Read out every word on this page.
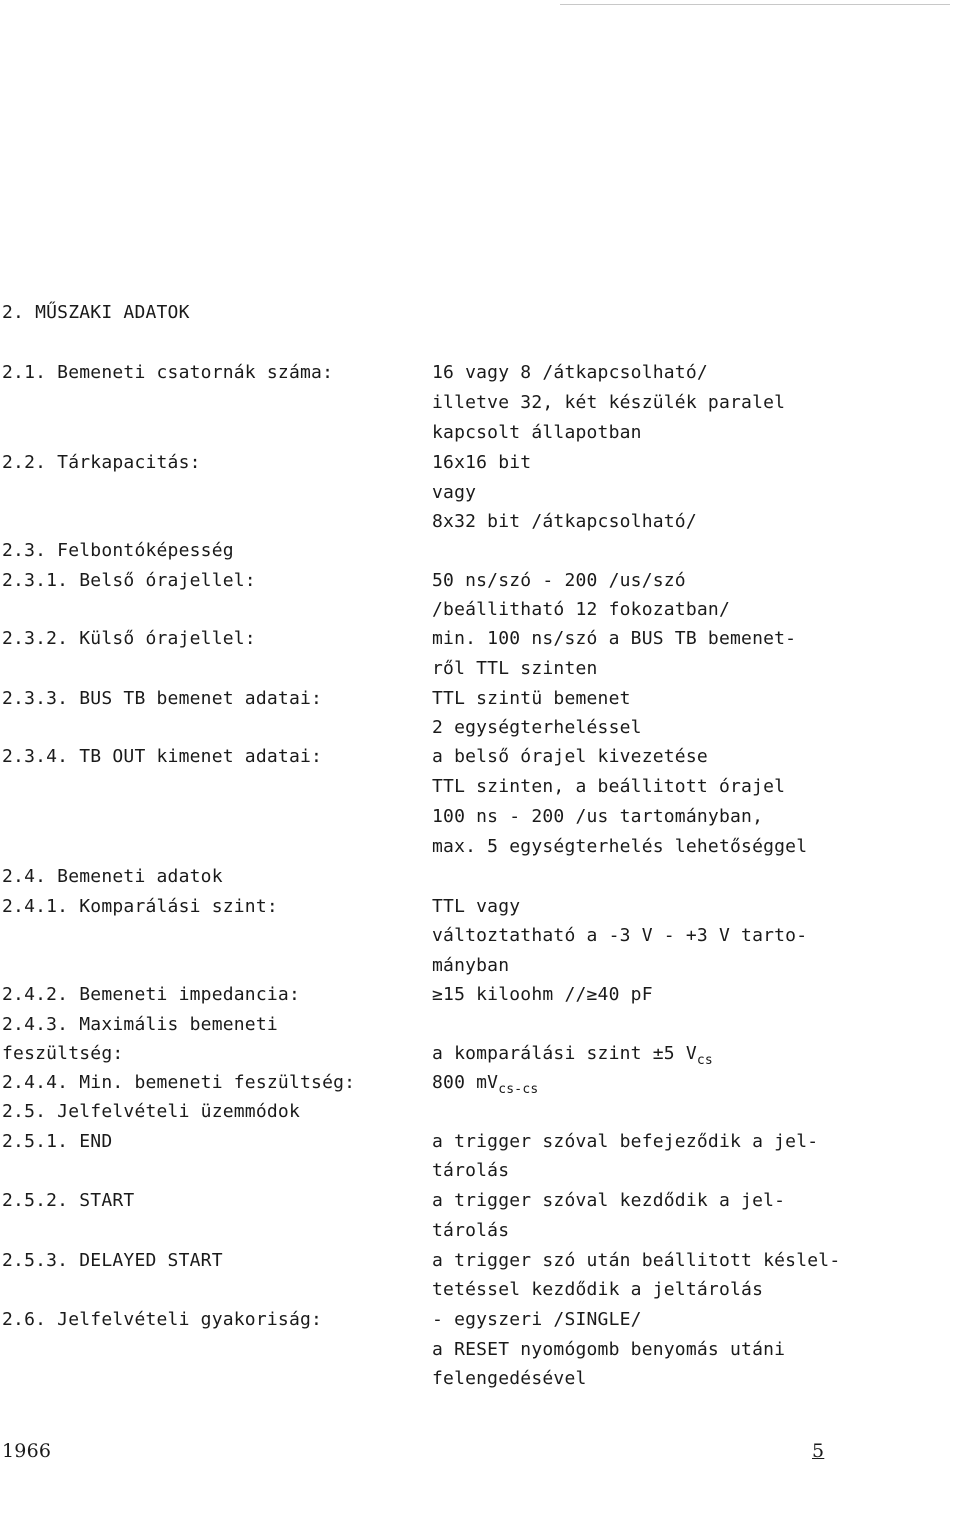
2. MŰSZAKI ADATOK
2.1. Bemeneti csatornák száma:
2.2. Tárkapacitás:
2.3. Felbontóképesség
2.3.1. Belső órajellel:
2.3.2. Külső órajellel:
2.3.3. BUS TB bemenet adatai:
2.3.4. TB OUT kimenet adatai:
2.4. Bemeneti adatok
2.4.1. Komparálási szint:
2.4.2. Bemeneti impedancia:
2.4.3. Maximális bemeneti
feszültség:
2.4.4. Min. bemeneti feszültség:
2.5. Jelfelvételi üzemmódok
2.5.1. END
2.5.2. START
2.5.3. DELAYED START
2.6. Jelfelvételi gyakoriság:
16 vagy 8 /átkapcsolható/
illetve 32, két készülék paralel
kapcsolt állapotban
16x16 bit
vagy
8x32 bit /átkapcsolható/
50 ns/szó - 200 /us/szó
/beállitható 12 fokozatban/
min. 100 ns/szó a BUS TB bemenet-
ről TTL szinten
TTL szintü bemenet
2 egységterheléssel
a belső órajel kivezetése
TTL szinten, a beállitott órajel
100 ns - 200 /us tartományban,
max. 5 egységterhelés lehetőséggel
TTL vagy
változtatható a -3 V - +3 V tarto-
mányban
≥15 kiloohm //≥40 pF
a komparálási szint ±5 $V_{cs}$
800 $mV_{cs-cs}$
a trigger szóval befejeződik a jel-
tárolás
a trigger szóval kezdődik a jel-
tárolás
a trigger szó után beállitott késlel-
tetéssel kezdődik a jeltárolás
- egyszeri /SINGLE/
a RESET nyomógomb benyomás utáni
felengedésével
1966	5
